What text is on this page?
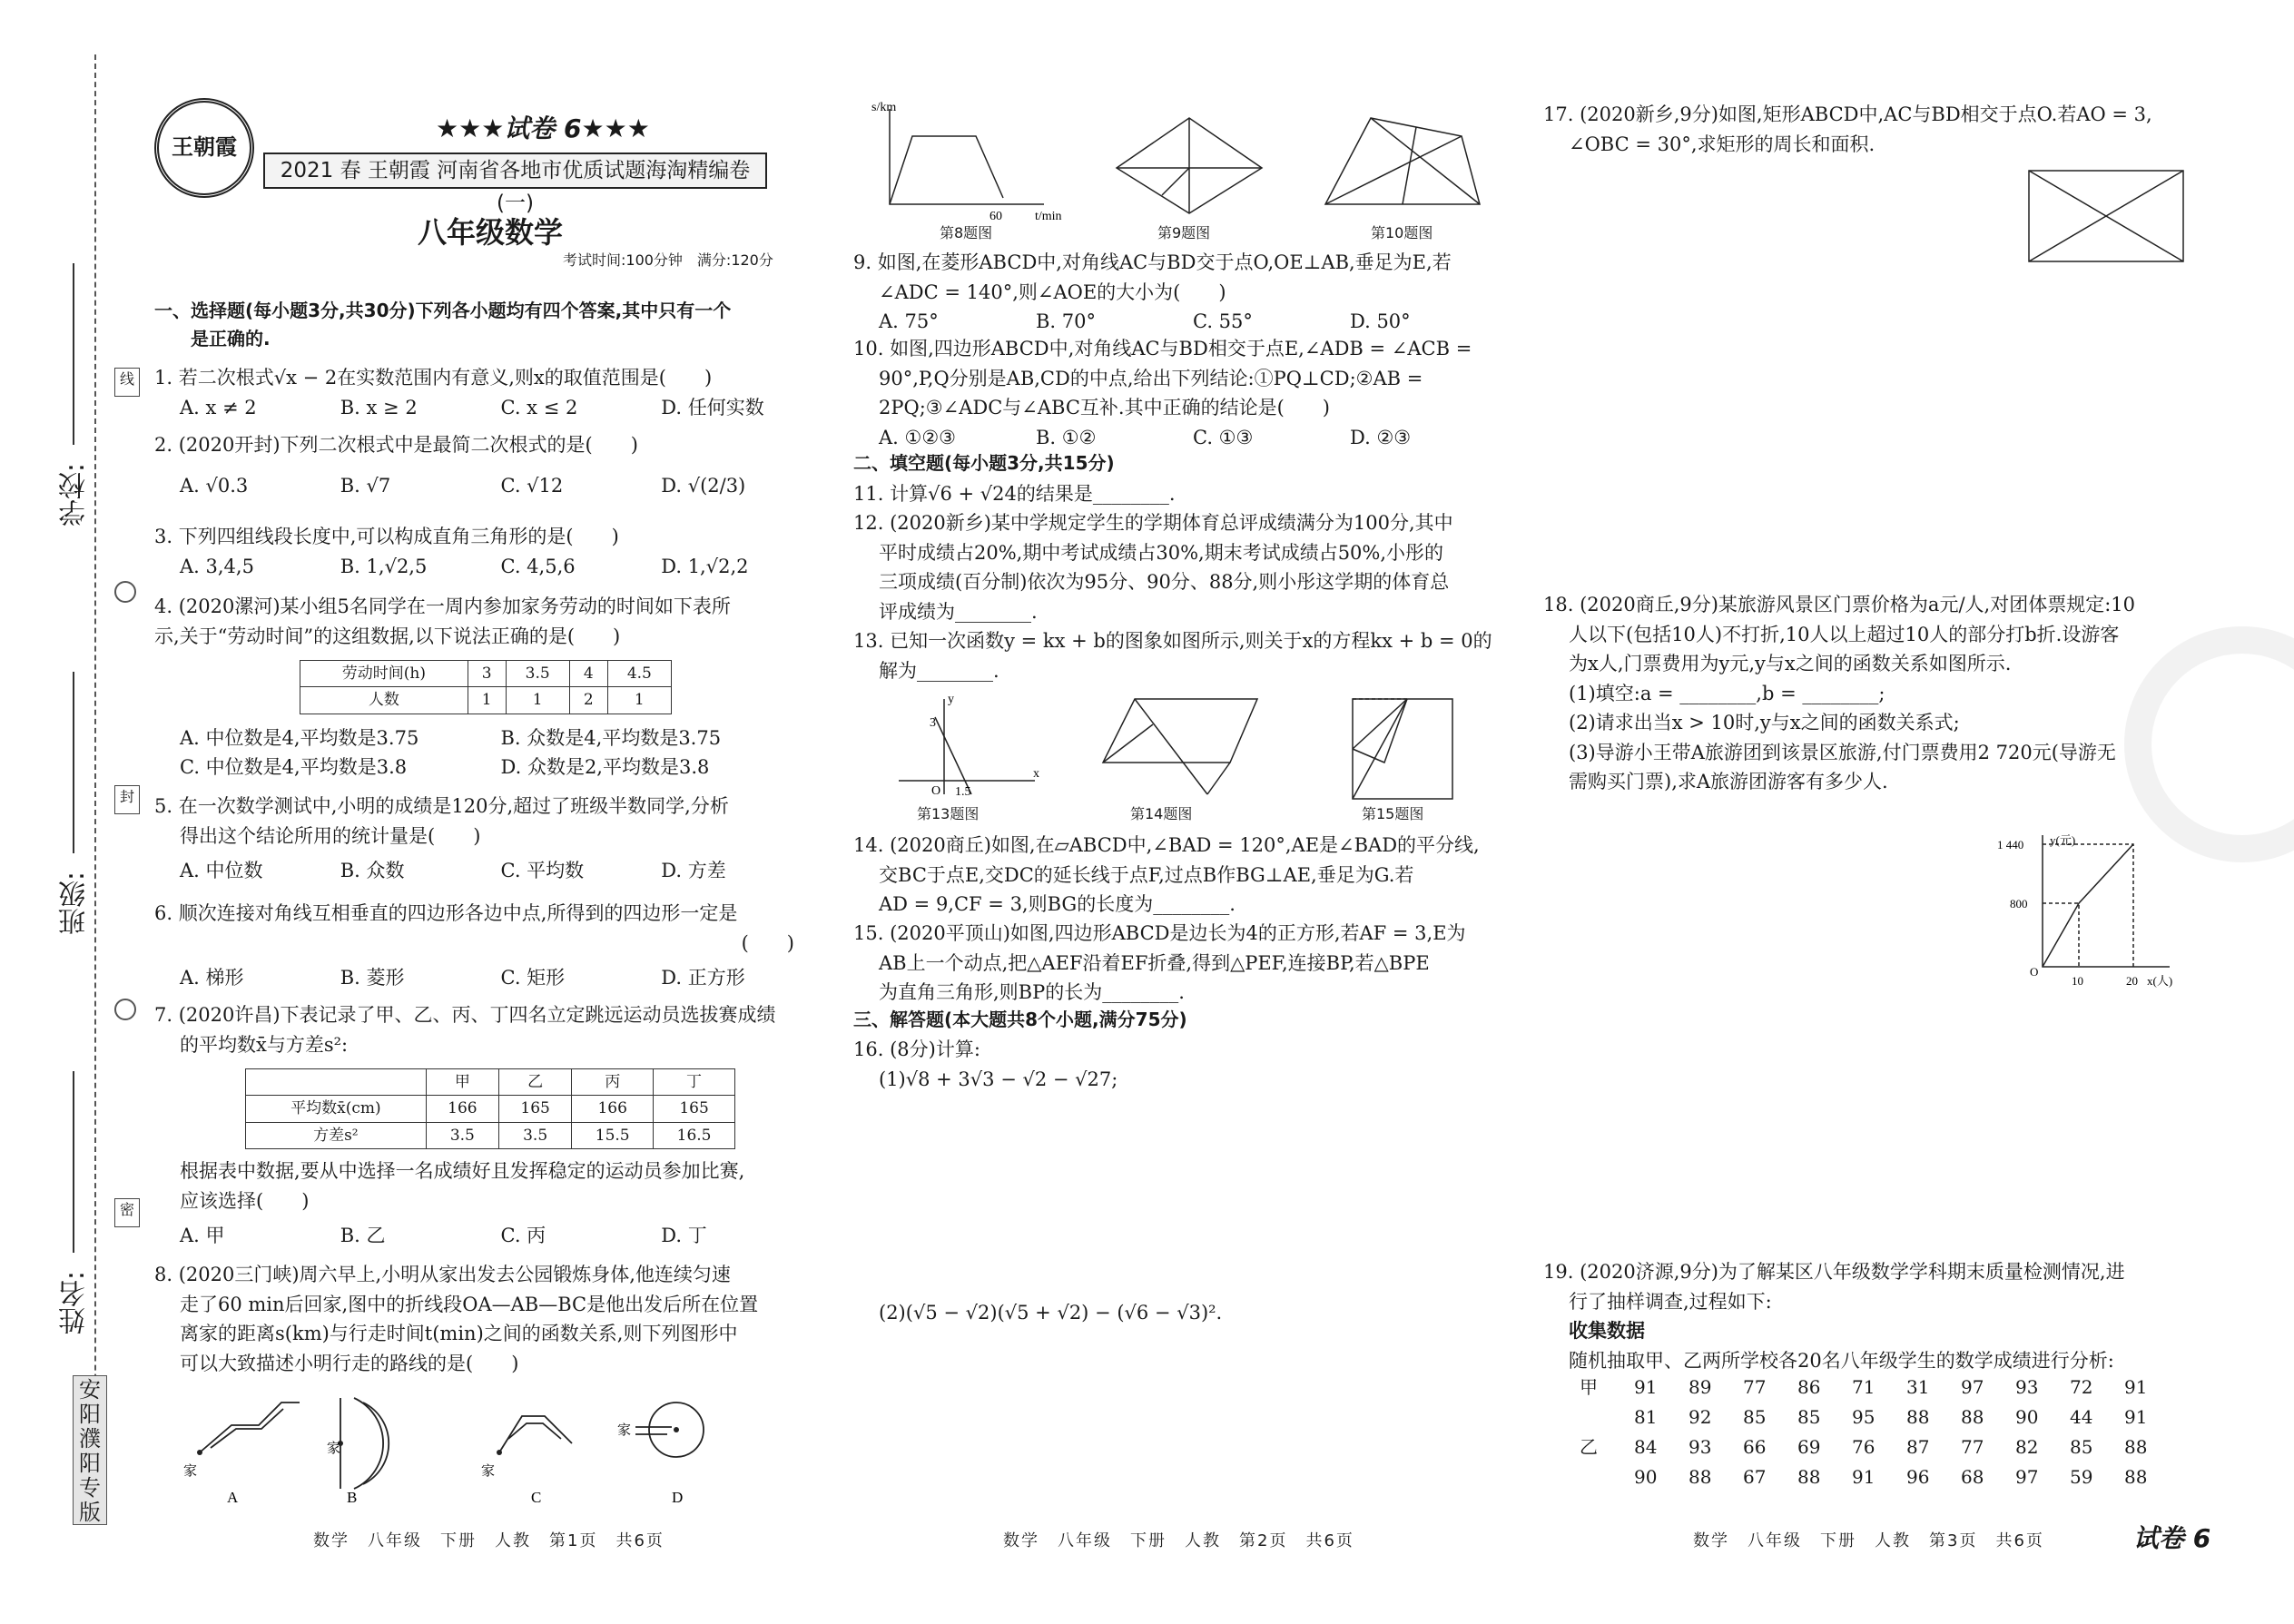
学校:
班级:
姓名:
线
封
密
安
阳
濮
阳
专
版
王朝霞
★★★试卷 6★★★
2021 春 王朝霞 河南省各地市优质试题海淘精编卷(一)
八年级数学
考试时间:100分钟　满分:120分

一、选择题(每小题3分,共30分)下列各小题均有四个答案,其中只有一个

是正确的.

1. 若二次根式√x − 2在实数范围内有意义,则x的取值范围是(　　)

A. x ≠ 2	B. x ≥ 2	C. x ≤ 2	D. 任何实数

2. (2020开封)下列二次根式中是最简二次根式的是(　　)

A. √0.3	B. √7	C. √12	D. √(2/3)

3. 下列四组线段长度中,可以构成直角三角形的是(　　)

A. 3,4,5	B. 1,√2,5	C. 4,5,6	D. 1,√2,2

4. (2020漯河)某小组5名同学在一周内参加家务劳动的时间如下表所

示,关于“劳动时间”的这组数据,以下说法正确的是(　　)

劳动时间(h)	3	3.5	4	4.5
人数	1	1	2	1
A. 中位数是4,平均数是3.75	B. 众数是4,平均数是3.75
C. 中位数是4,平均数是3.8	D. 众数是2,平均数是3.8

5. 在一次数学测试中,小明的成绩是120分,超过了班级半数同学,分析

得出这个结论所用的统计量是(　　)

A. 中位数	B. 众数	C. 平均数	D. 方差

6. 顺次连接对角线互相垂直的四边形各边中点,所得到的四边形一定是

(　　)

A. 梯形	B. 菱形	C. 矩形	D. 正方形

7. (2020许昌)下表记录了甲、乙、丙、丁四名立定跳远运动员选拔赛成绩

的平均数x̄与方差s²:

	甲	乙	丙	丁
平均数x̄(cm)	166	165	166	165
方差s²	3.5	3.5	15.5	16.5

根据表中数据,要从中选择一名成绩好且发挥稳定的运动员参加比赛,

应该选择(　　)

A. 甲	B. 乙	C. 丙	D. 丁

8. (2020三门峡)周六早上,小明从家出发去公园锻炼身体,他连续匀速

走了60 min后回家,图中的折线段OA—AB—BC是他出发后所在位置

离家的距离s(km)与行走时间t(min)之间的函数关系,则下列图形中

可以大致描述小明行走的路线的是(　　)

家
家
家
家
A	B	C	D
数学　八年级　下册　人教　第1页　共6页
s/km
t/min
60
第8题图	第9题图	第10题图

9. 如图,在菱形ABCD中,对角线AC与BD交于点O,OE⊥AB,垂足为E,若

∠ADC = 140°,则∠AOE的大小为(　　)

A. 75°	B. 70°	C. 55°	D. 50°

10. 如图,四边形ABCD中,对角线AC与BD相交于点E,∠ADB = ∠ACB =

90°,P,Q分别是AB,CD的中点,给出下列结论:①PQ⊥CD;②AB =

2PQ;③∠ADC与∠ABC互补.其中正确的结论是(　　)

A. ①②③	B. ①②	C. ①③	D. ②③

二、填空题(每小题3分,共15分)

11. 计算√6 + √24的结果是________.

12. (2020新乡)某中学规定学生的学期体育总评成绩满分为100分,其中

平时成绩占20%,期中考试成绩占30%,期末考试成绩占50%,小彤的

三项成绩(百分制)依次为95分、90分、88分,则小彤这学期的体育总

评成绩为________.

13. 已知一次函数y = kx + b的图象如图所示,则关于x的方程kx + b = 0的

解为________.

y
x
O
3
1.5
第13题图	第14题图	第15题图

14. (2020商丘)如图,在▱ABCD中,∠BAD = 120°,AE是∠BAD的平分线,

交BC于点E,交DC的延长线于点F,过点B作BG⊥AE,垂足为G.若

AD = 9,CF = 3,则BG的长度为________.

15. (2020平顶山)如图,四边形ABCD是边长为4的正方形,若AF = 3,E为

AB上一个动点,把△AEF沿着EF折叠,得到△PEF,连接BP,若△BPE

为直角三角形,则BP的长为________.

三、解答题(本大题共8个小题,满分75分)

16. (8分)计算:

(1)√8 + 3√3 − √2 − √27;

(2)(√5 − √2)(√5 + √2) − (√6 − √3)².

数学　八年级　下册　人教　第2页　共6页

17. (2020新乡,9分)如图,矩形ABCD中,AC与BD相交于点O.若AO = 3,

∠OBC = 30°,求矩形的周长和面积.

18. (2020商丘,9分)某旅游风景区门票价格为a元/人,对团体票规定:10

人以下(包括10人)不打折,10人以上超过10人的部分打b折.设游客

为x人,门票费用为y元,y与x之间的函数关系如图所示.

(1)填空:a = ________,b = ________;

(2)请求出当x > 10时,y与x之间的函数关系式;

(3)导游小王带A旅游团到该景区旅游,付门票费用2 720元(导游无

需购买门票),求A旅游团游客有多少人.

y(元)
1 440
800
O
10	20 x(人)

19. (2020济源,9分)为了解某区八年级数学学科期末质量检测情况,进

行了抽样调查,过程如下:

收集数据

随机抽取甲、乙两所学校各20名八年级学生的数学成绩进行分析:

甲	91	89	77	86	71	31	97	93	72	91
81	92	85	85	95	88	88	90	44	91
乙	84	93	66	69	76	87	77	82	85	88
90	88	67	88	91	96	68	97	59	88
数学　八年级　下册　人教　第3页　共6页	试卷 6
